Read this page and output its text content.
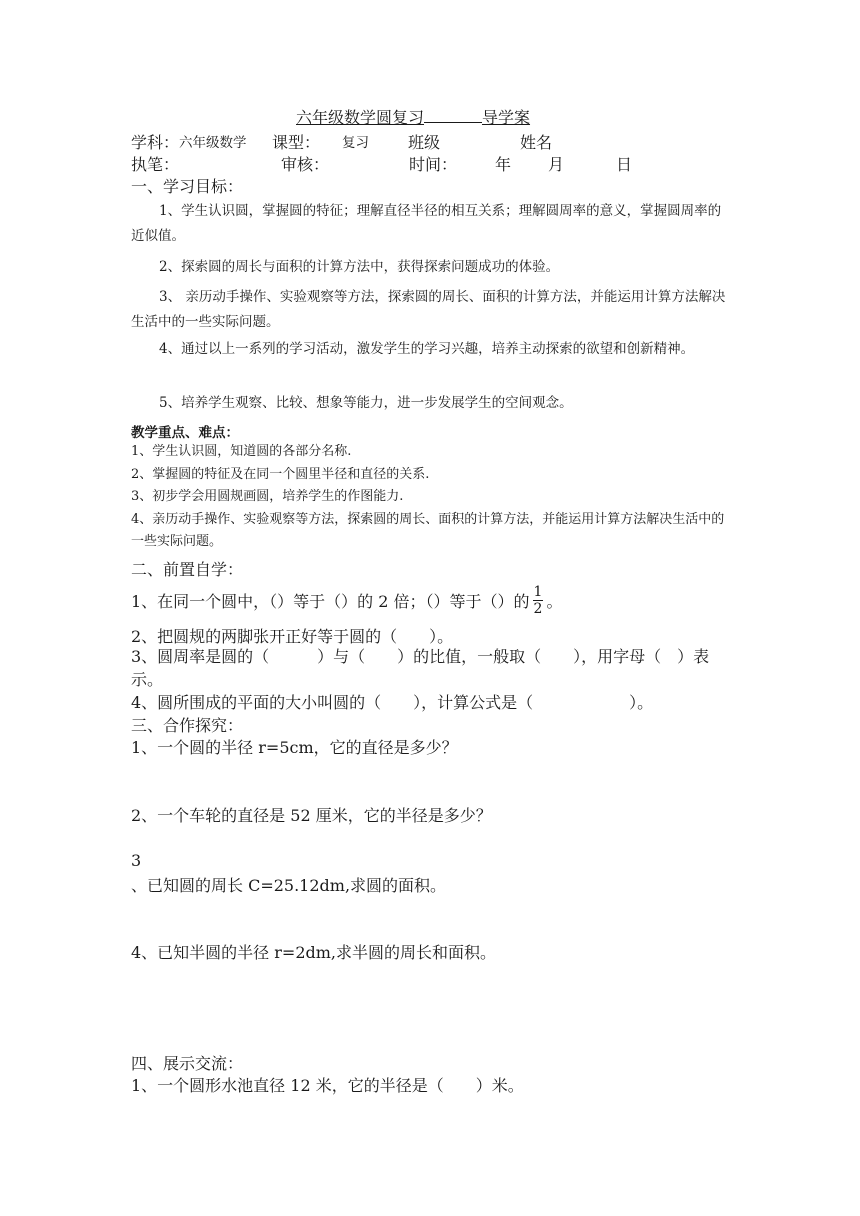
六年级数学圆复习	导学案
学科： 六年级数学 课型： 复习 班级	姓名
执笔：	审核：	时间： 年 月	日
一、学习目标：
1、学生认识圆，掌握圆的特征；理解直径半径的相互关系；理解圆周率的意义，掌握圆周率的近似值。
2、探索圆的周长与面积的计算方法中，获得探索问题成功的体验。
3、 亲历动手操作、实验观察等方法，探索圆的周长、面积的计算方法，并能运用计算方法解决生活中的一些实际问题。
4、通过以上一系列的学习活动，激发学生的学习兴趣，培养主动探索的欲望和创新精神。
5、培养学生观察、比较、想象等能力，进一步发展学生的空间观念。
教学重点、难点：
1、学生认识圆，知道圆的各部分名称.
2、掌握圆的特征及在同一个圆里半径和直径的关系.
3、初步学会用圆规画圆，培养学生的作图能力.
4、亲历动手操作、实验观察等方法，探索圆的周长、面积的计算方法，并能运用计算方法解决生活中的一些实际问题。
二、前置自学：
1、在同一个圆中，（）等于（）的 2 倍；（）等于（）的 $\frac{1}{2}$ 。
2、把圆规的两脚张开正好等于圆的（　　）。
3、圆周率是圆的（　　　）与（　　）的比值，一般取（　　），用字母（　）表示。
4、圆所围成的平面的大小叫圆的（　　），计算公式是（　　　　　　）。
三、合作探究：
1、一个圆的半径 r=5cm，它的直径是多少？
2、一个车轮的直径是 52 厘米，它的半径是多少？
3
、已知圆的周长 C=25.12dm,求圆的面积。
4、已知半圆的半径 r=2dm,求半圆的周长和面积。
四、展示交流：
1、一个圆形水池直径 12 米，它的半径是（　　）米。
